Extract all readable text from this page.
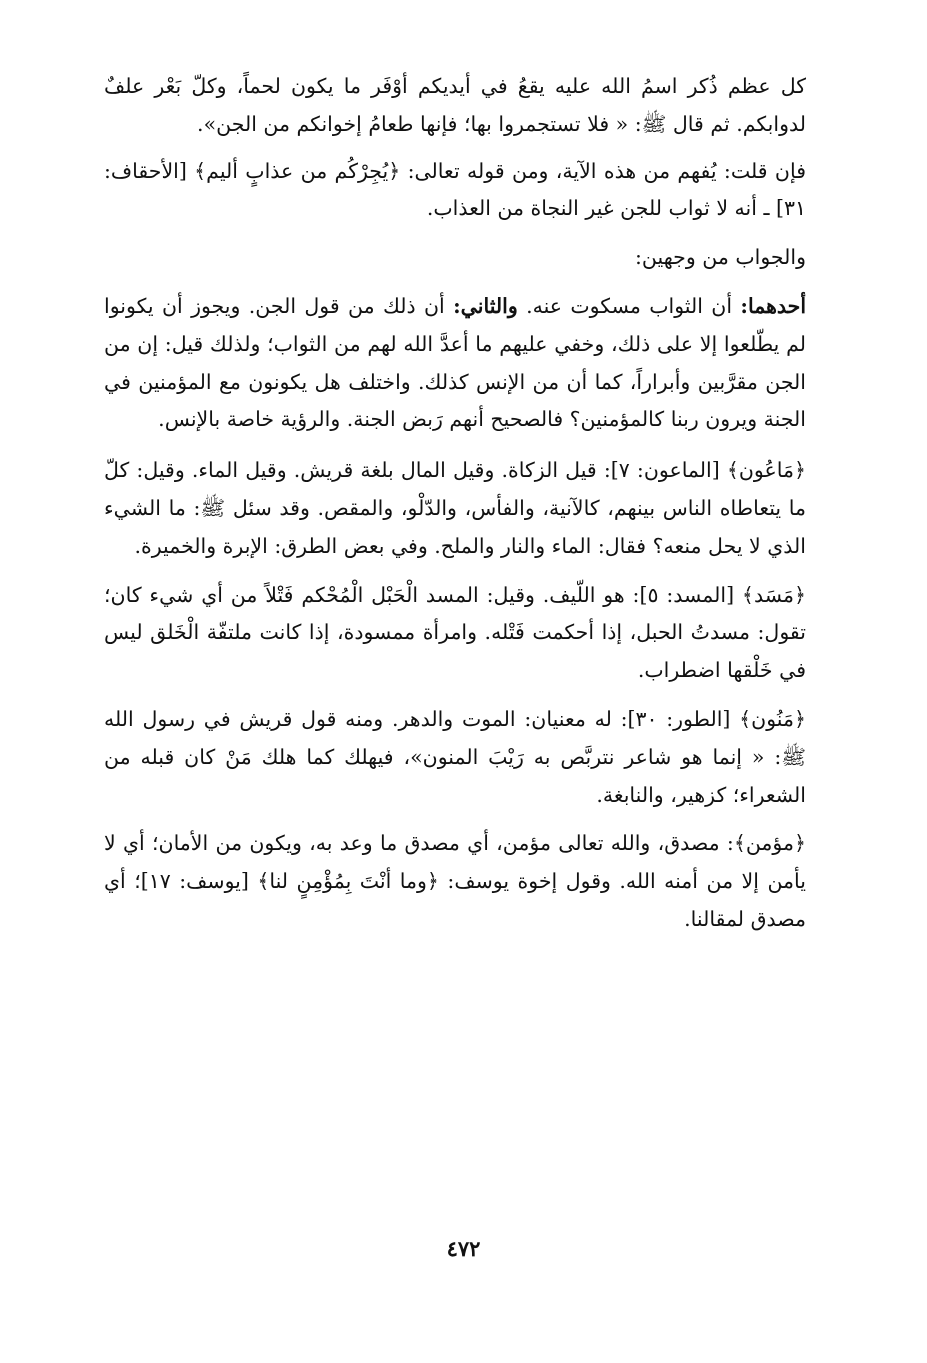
كل عظم ذُكر اسمُ الله عليه يقعُ في أيديكم أوْفَر ما يكون لحماً، وكلّ بَعْر علفٌ لدوابكم. ثم قال ﷺ: « فلا تستجمروا بها؛ فإنها طعامُ إخوانكم من الجن».

فإن قلت: يُفهم من هذه الآية، ومن قوله تعالى: ﴿يُجِرْكُم من عذابٍ أليم﴾ [الأحقاف: ٣١] ـ أنه لا ثواب للجن غير النجاة من العذاب.

والجواب من وجهين:

أحدهما: أن الثواب مسكوت عنه. والثاني: أن ذلك من قول الجن. ويجوز أن يكونوا لم يطّلعوا إلا على ذلك، وخفي عليهم ما أعدَّ الله لهم من الثواب؛ ولذلك قيل: إن من الجن مقرَّبين وأبراراً، كما أن من الإنس كذلك. واختلف هل يكونون مع المؤمنين في الجنة ويرون ربنا كالمؤمنين؟ فالصحيح أنهم رَبض الجنة. والرؤية خاصة بالإنس.

﴿مَاعُون﴾ [الماعون: ٧]: قيل الزكاة. وقيل المال بلغة قريش. وقيل الماء. وقيل: كلّ ما يتعاطاه الناس بينهم، كالآنية، والفأس، والدّلْو، والمقص. وقد سئل ﷺ: ما الشيء الذي لا يحل منعه؟ فقال: الماء والنار والملح. وفي بعض الطرق: الإبرة والخميرة.

﴿مَسَد﴾ [المسد: ٥]: هو اللّيف. وقيل: المسد الْحَبْل الْمُحْكم فَتْلاً من أي شيء كان؛ تقول: مسدتُ الحبل، إذا أحكمت فَتْله. وامرأة ممسودة، إذا كانت ملتفّة الْخَلق ليس في خَلْقها اضطراب.

﴿مَنُون﴾ [الطور: ٣٠]: له معنيان: الموت والدهر. ومنه قول قريش في رسول الله ﷺ: « إنما هو شاعر نتربَّص به رَيْبَ المنون»، فيهلك كما هلك مَنْ كان قبله من الشعراء؛ كزهير، والنابغة.

﴿مؤمن﴾: مصدق، والله تعالى مؤمن، أي مصدق ما وعد به، ويكون من الأمان؛ أي لا يأمن إلا من أمنه الله. وقول إخوة يوسف: ﴿وما أنْتَ بِمُؤْمِنٍ لنا﴾ [يوسف: ١٧]؛ أي مصدق لمقالنا.

٤٧٢
